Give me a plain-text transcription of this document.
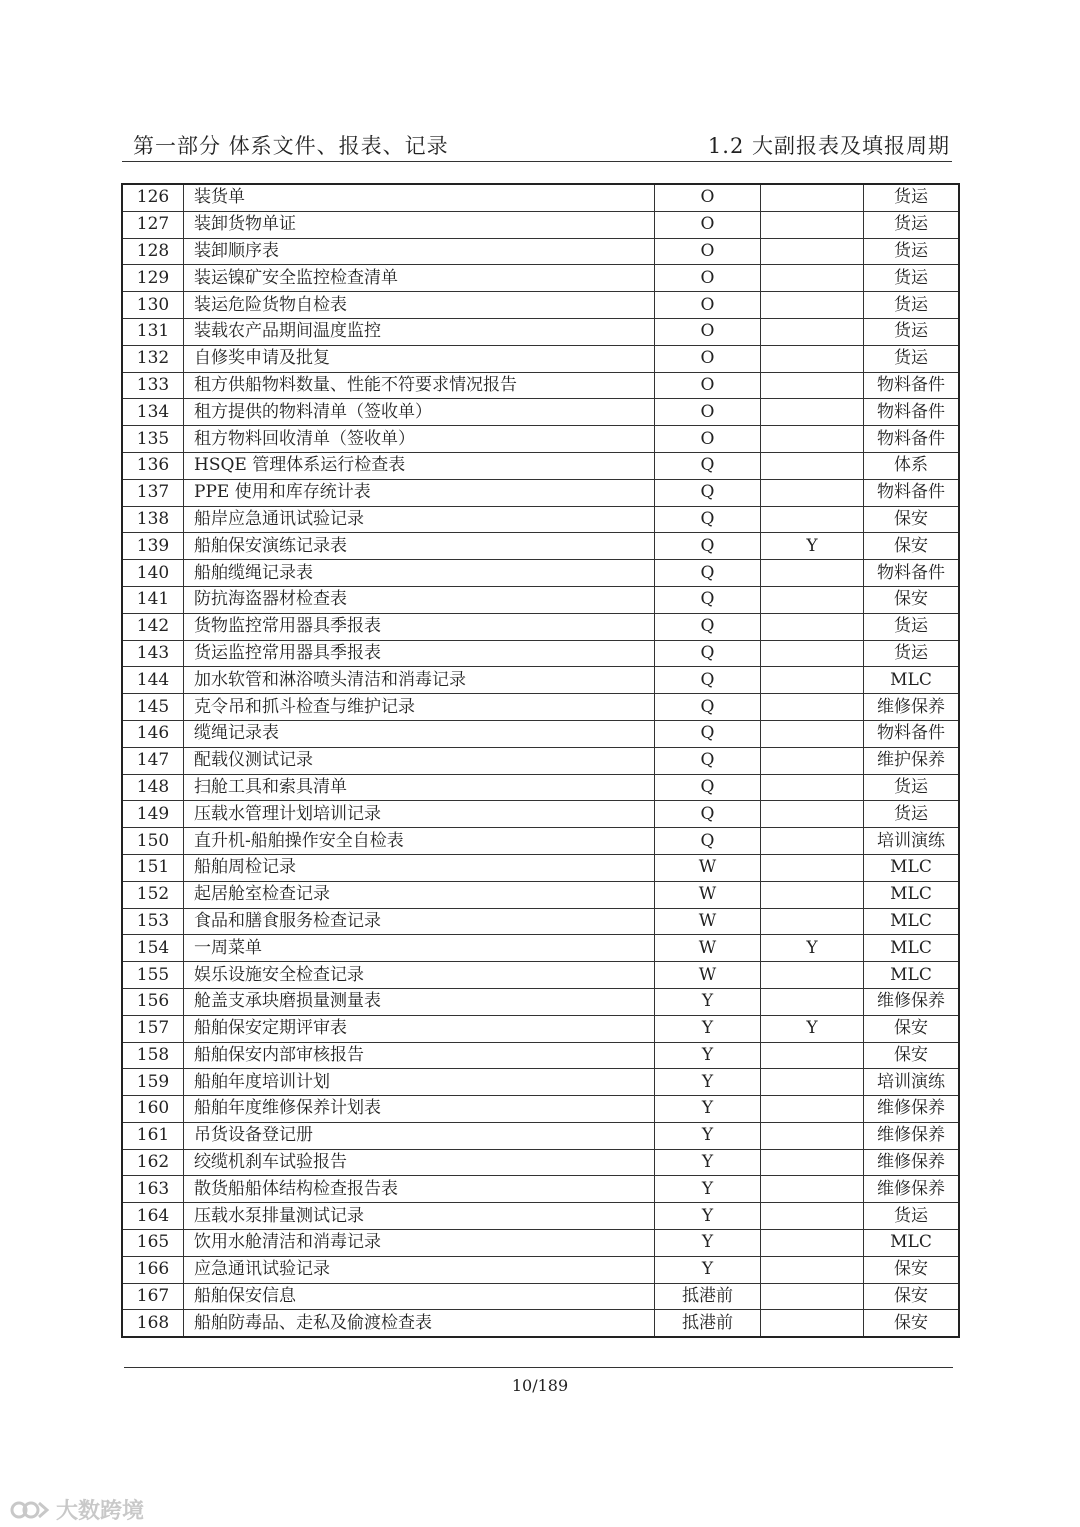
第一部分 体系文件、报表、记录	1.2 大副报表及填报周期
126	装货单	O		货运
127	装卸货物单证	O		货运
128	装卸顺序表	O		货运
129	装运镍矿安全监控检查清单	O		货运
130	装运危险货物自检表	O		货运
131	装载农产品期间温度监控	O		货运
132	自修奖申请及批复	O		货运
133	租方供船物料数量、性能不符要求情况报告	O		物料备件
134	租方提供的物料清单（签收单）	O		物料备件
135	租方物料回收清单（签收单）	O		物料备件
136	HSQE 管理体系运行检查表	Q		体系
137	PPE 使用和库存统计表	Q		物料备件
138	船岸应急通讯试验记录	Q		保安
139	船舶保安演练记录表	Q	Y	保安
140	船舶缆绳记录表	Q		物料备件
141	防抗海盗器材检查表	Q		保安
142	货物监控常用器具季报表	Q		货运
143	货运监控常用器具季报表	Q		货运
144	加水软管和淋浴喷头清洁和消毒记录	Q		MLC
145	克令吊和抓斗检查与维护记录	Q		维修保养
146	缆绳记录表	Q		物料备件
147	配载仪测试记录	Q		维护保养
148	扫舱工具和索具清单	Q		货运
149	压载水管理计划培训记录	Q		货运
150	直升机-船舶操作安全自检表	Q		培训演练
151	船舶周检记录	W		MLC
152	起居舱室检查记录	W		MLC
153	食品和膳食服务检查记录	W		MLC
154	一周菜单	W	Y	MLC
155	娱乐设施安全检查记录	W		MLC
156	舱盖支承块磨损量测量表	Y		维修保养
157	船舶保安定期评审表	Y	Y	保安
158	船舶保安内部审核报告	Y		保安
159	船舶年度培训计划	Y		培训演练
160	船舶年度维修保养计划表	Y		维修保养
161	吊货设备登记册	Y		维修保养
162	绞缆机刹车试验报告	Y		维修保养
163	散货船船体结构检查报告表	Y		维修保养
164	压载水泵排量测试记录	Y		货运
165	饮用水舱清洁和消毒记录	Y		MLC
166	应急通讯试验记录	Y		保安
167	船舶保安信息	抵港前		保安
168	船舶防毒品、走私及偷渡检查表	抵港前		保安
10/189
大数跨境
